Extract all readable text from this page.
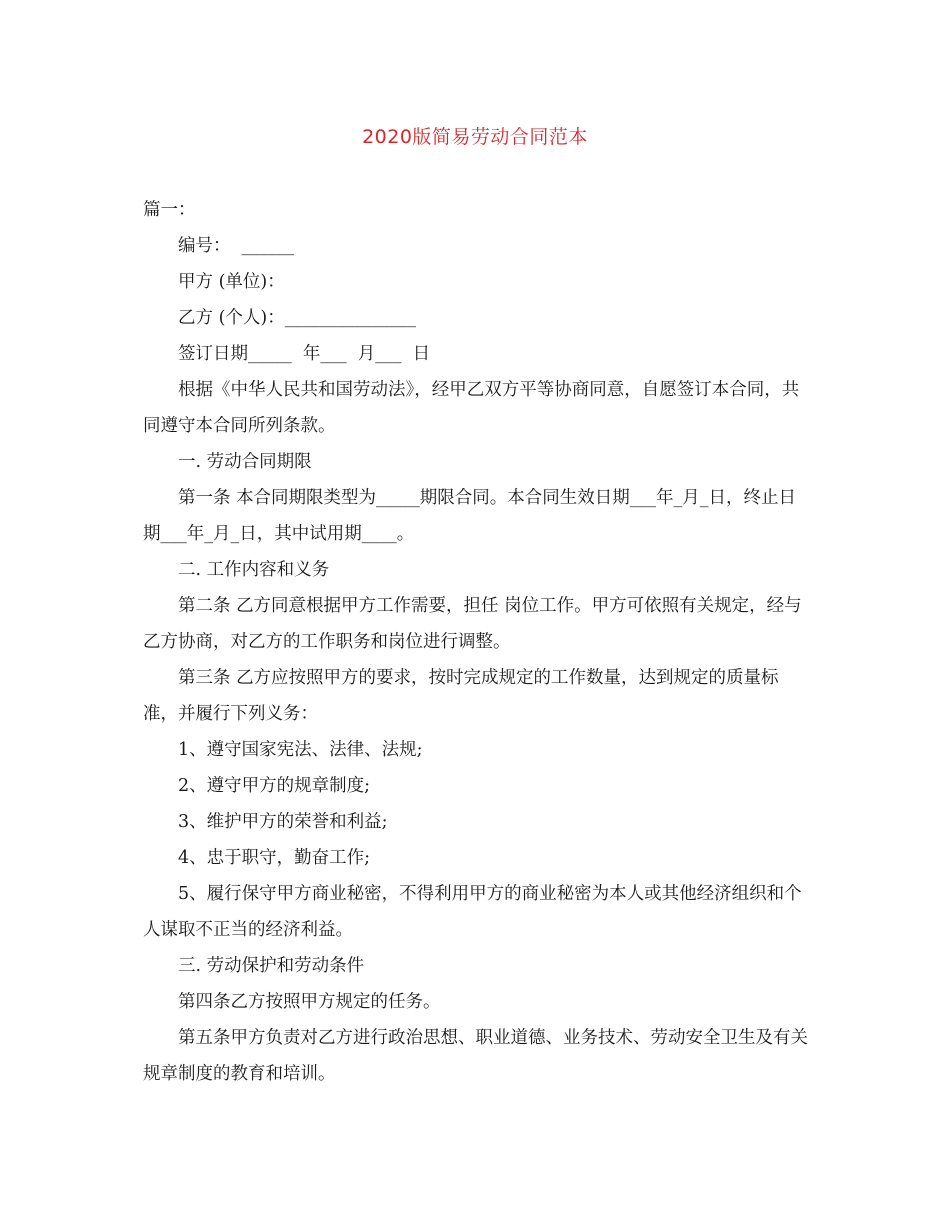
2020版简易劳动合同范本

篇一：

编号：  ______

甲方 (单位)：

乙方 (个人)：_______________

签订日期_____  年___  月___  日

根据《中华人民共和国劳动法》，经甲乙双方平等协商同意，自愿签订本合同，共同遵守本合同所列条款。

一. 劳动合同期限

第一条 本合同期限类型为_____期限合同。本合同生效日期___年_月_日，终止日期___年_月_日，其中试用期____。

二. 工作内容和义务

第二条 乙方同意根据甲方工作需要，担任 岗位工作。甲方可依照有关规定，经与乙方协商，对乙方的工作职务和岗位进行调整。

第三条 乙方应按照甲方的要求，按时完成规定的工作数量，达到规定的质量标准，并履行下列义务：

1、遵守国家宪法、法律、法规;

2、遵守甲方的规章制度;

3、维护甲方的荣誉和利益;

4、忠于职守，勤奋工作;

5、履行保守甲方商业秘密，不得利用甲方的商业秘密为本人或其他经济组织和个人谋取不正当的经济利益。

三. 劳动保护和劳动条件

第四条乙方按照甲方规定的任务。

第五条甲方负责对乙方进行政治思想、职业道德、业务技术、劳动安全卫生及有关规章制度的教育和培训。
